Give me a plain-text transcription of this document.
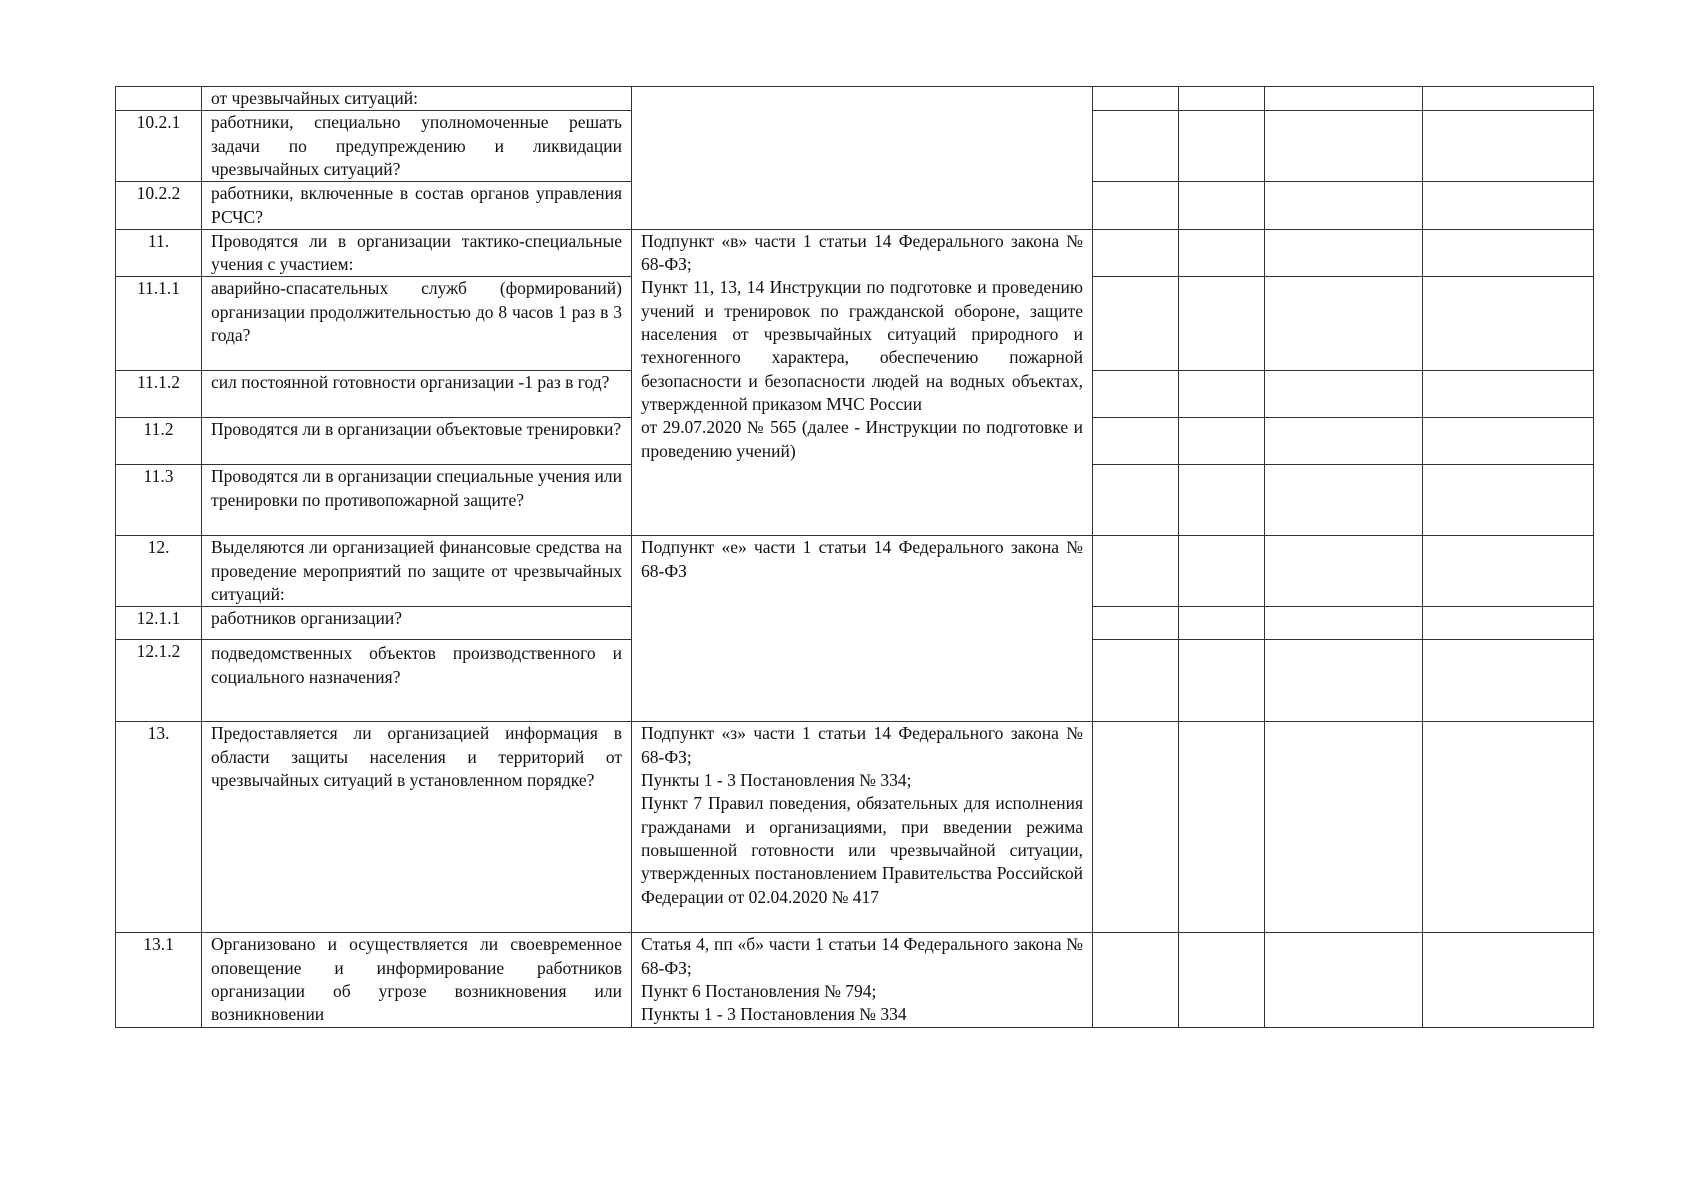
	от чрезвычайных ситуаций:					
10.2.1	работники, специально уполномоченные решать задачи по предупреждению и ликвидации чрезвычайных ситуаций?					
10.2.2	работники, включенные в состав органов управления РСЧС?					
11.	Проводятся ли в организации тактико-специальные учения с участием:	Подпункт «в» части 1 статьи 14 Федерального закона № 68-ФЗ;
Пункт 11, 13, 14 Инструкции по подготовке и проведению учений и тренировок по гражданской обороне, защите населения от чрезвычайных ситуаций природного и техногенного характера, обеспечению пожарной безопасности и безопасности людей на водных объектах, утвержденной приказом МЧС России
от 29.07.2020 № 565 (далее - Инструкции по подготовке и проведению учений)				

11.1.1	аварийно-спасательных служб (формирований) организации продолжительностью до 8 часов 1 раз в 3 года?					
11.1.2	сил постоянной готовности организации -1 раз в год?					
11.2	Проводятся ли в организации объектовые тренировки?					
11.3	Проводятся ли в организации специальные учения или тренировки по противопожарной защите?					
12.	Выделяются ли организацией финансовые средства на проведение мероприятий по защите от чрезвычайных ситуаций:	Подпункт «е» части 1 статьи 14 Федерального закона № 68-ФЗ				
12.1.1	работников организации?					
12.1.2	подведомственных объектов производственного и социального назначения?					
13.	Предоставляется ли организацией информация в области защиты населения и территорий от чрезвычайных ситуаций в установленном порядке?	Подпункт «з» части 1 статьи 14 Федерального закона № 68-ФЗ;
Пункты 1 - 3 Постановления № 334;
Пункт 7 Правил поведения, обязательных для исполнения гражданами и организациями, при введении режима повышенной готовности или чрезвычайной ситуации, утвержденных постановлением Правительства Российской Федерации от 02.04.2020 № 417				

13.1	Организовано и осуществляется ли своевременное оповещение и информирование работников организации об угрозе возникновения или возникновении	Статья 4, пп «б» части 1 статьи 14 Федерального закона № 68-ФЗ;
Пункт 6 Постановления № 794;
Пункты 1 - 3 Постановления № 334				
